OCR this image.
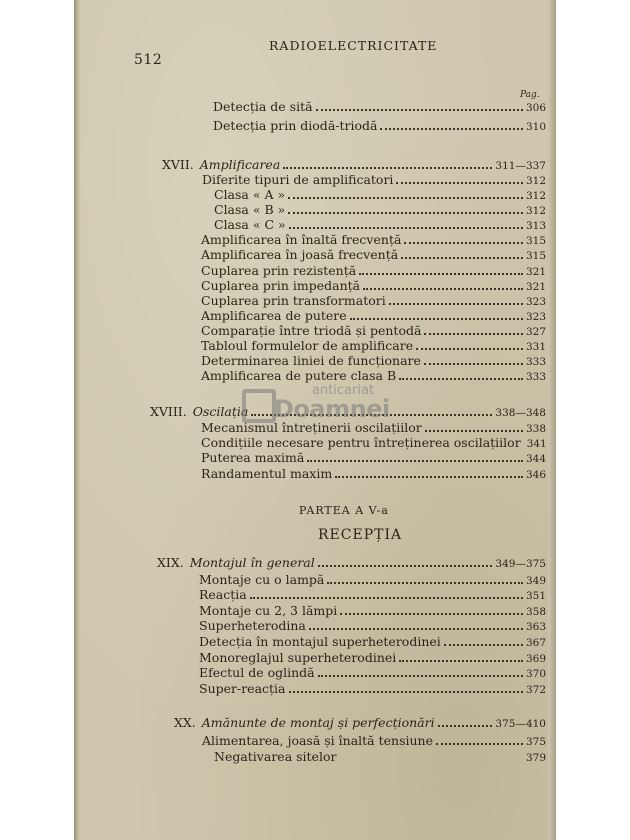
512
RADIOELECTRICITATE
Pag.
Detecția de sită	306
Detecția prin diodă-triodă	310
XVII. Amplificarea	311—337
Diferite tipuri de amplificatori	312
Clasa « A »	312
Clasa « B »	312
Clasa « C »	313
Amplificarea în înaltă frecvență	315
Amplificarea în joasă frecvență	315
Cuplarea prin rezistență	321
Cuplarea prin impedanță	321
Cuplarea prin transformatori	323
Amplificarea de putere	323
Comparație între triodă și pentodă	327
Tabloul formulelor de amplificare	331
Determinarea liniei de funcționare	333
Amplificarea de putere clasa B	333
XVIII. Oscilația	338—348
Mecanismul întreținerii oscilațiilor	338
Condițiile necesare pentru întreținerea oscilațiilor 341
Puterea maximă	344
Randamentul maxim	346
PARTEA A V-a
RECEPȚIA
XIX. Montajul în general	349—375
Montaje cu o lampă	349
Reacția	351
Montaje cu 2, 3 lămpi	358
Superheterodina	363
Detecția în montajul superheterodinei	367
Monoreglajul superheterodinei	369
Efectul de oglindă	370
Super-reacția	372
XX. Amănunte de montaj și perfecționări	375—410
Alimentarea, joasă și înaltă tensiune	375
Negativarea sitelor	379
anticariat
Doamnei
